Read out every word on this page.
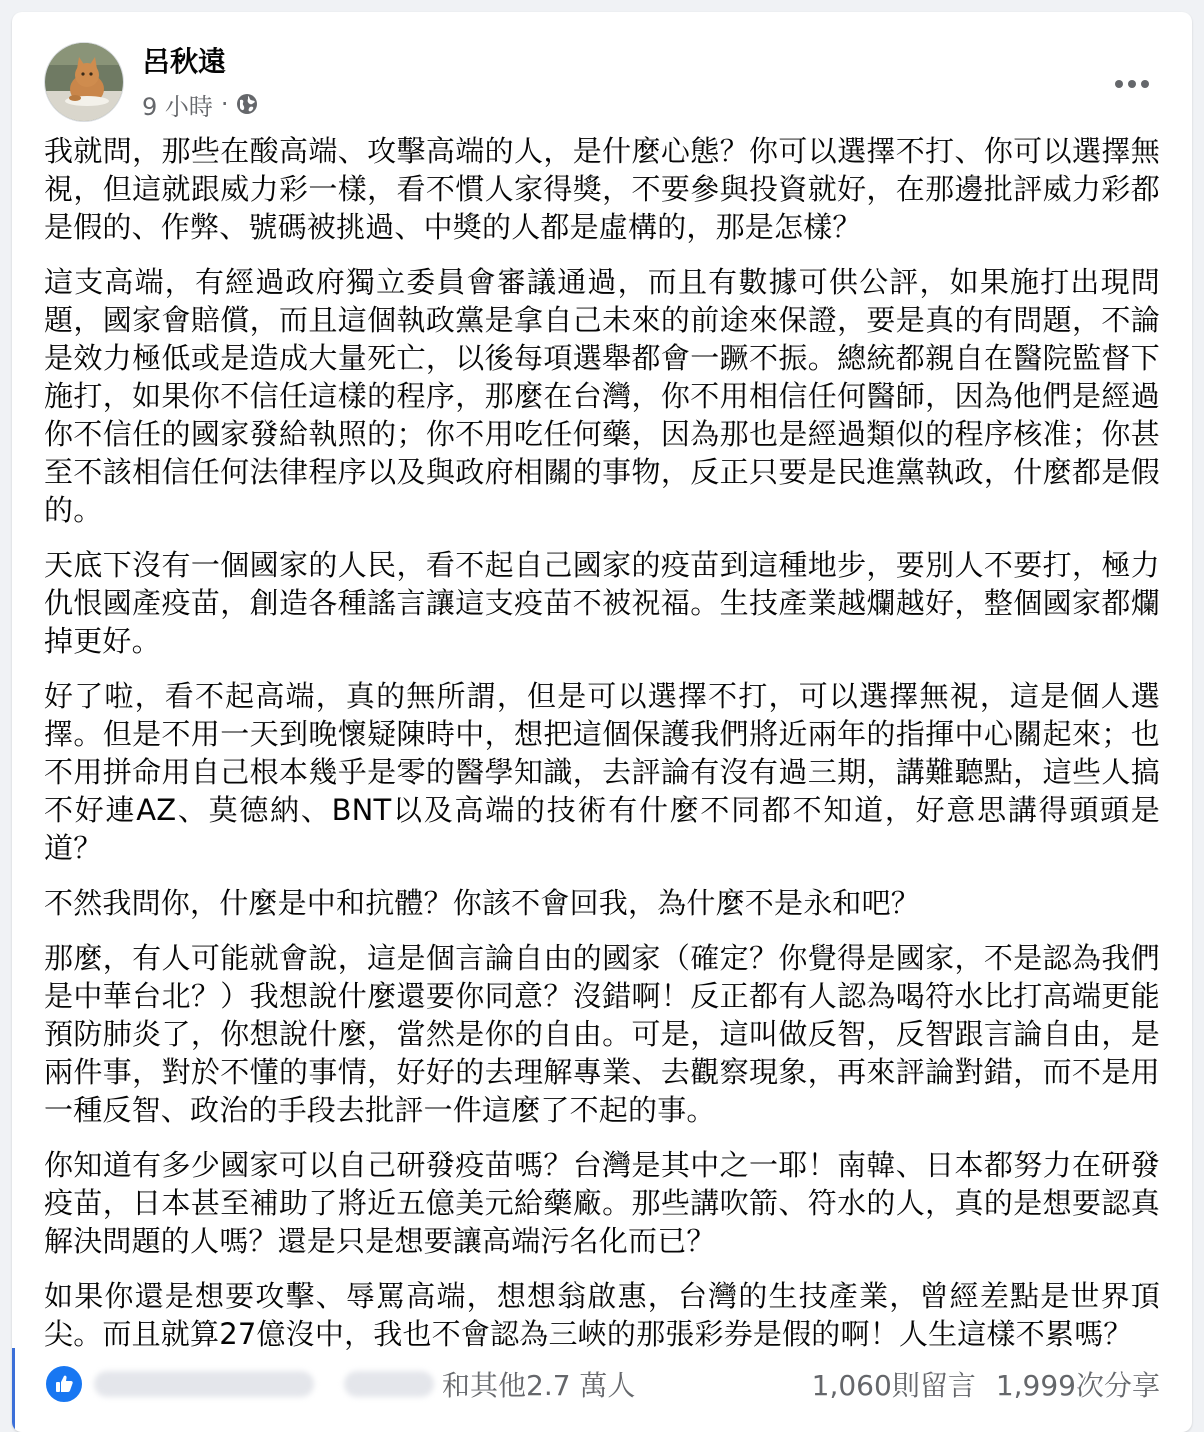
呂秋遠
9 小時 ·

我就問，那些在酸高端、攻擊高端的人，是什麼心態？你可以選擇不打、你可以選擇無視，但這就跟威力彩一樣，看不慣人家得獎，不要參與投資就好，在那邊批評威力彩都是假的、作弊、號碼被挑過、中獎的人都是虛構的，那是怎樣？

這支高端，有經過政府獨立委員會審議通過，而且有數據可供公評，如果施打出現問題，國家會賠償，而且這個執政黨是拿自己未來的前途來保證，要是真的有問題，不論是效力極低或是造成大量死亡，以後每項選舉都會一蹶不振。總統都親自在醫院監督下施打，如果你不信任這樣的程序，那麼在台灣，你不用相信任何醫師，因為他們是經過你不信任的國家發給執照的；你不用吃任何藥，因為那也是經過類似的程序核准；你甚至不該相信任何法律程序以及與政府相關的事物，反正只要是民進黨執政，什麼都是假的。

天底下沒有一個國家的人民，看不起自己國家的疫苗到這種地步，要別人不要打，極力仇恨國產疫苗，創造各種謠言讓這支疫苗不被祝福。生技產業越爛越好，整個國家都爛掉更好。

好了啦，看不起高端，真的無所謂，但是可以選擇不打，可以選擇無視，這是個人選擇。但是不用一天到晚懷疑陳時中，想把這個保護我們將近兩年的指揮中心關起來；也不用拼命用自己根本幾乎是零的醫學知識，去評論有沒有過三期，講難聽點，這些人搞不好連AZ、莫德納、BNT以及高端的技術有什麼不同都不知道，好意思講得頭頭是道？

不然我問你，什麼是中和抗體？你該不會回我，為什麼不是永和吧？

那麼，有人可能就會說，這是個言論自由的國家（確定？你覺得是國家，不是認為我們是中華台北？）我想說什麼還要你同意？沒錯啊！反正都有人認為喝符水比打高端更能預防肺炎了，你想說什麼，當然是你的自由。可是，這叫做反智，反智跟言論自由，是兩件事，對於不懂的事情，好好的去理解專業、去觀察現象，再來評論對錯，而不是用一種反智、政治的手段去批評一件這麼了不起的事。

你知道有多少國家可以自己研發疫苗嗎？台灣是其中之一耶！南韓、日本都努力在研發疫苗，日本甚至補助了將近五億美元給藥廠。那些講吹箭、符水的人，真的是想要認真解決問題的人嗎？還是只是想要讓高端污名化而已？

如果你還是想要攻擊、辱罵高端，想想翁啟惠，台灣的生技產業，曾經差點是世界頂尖。而且就算27億沒中，我也不會認為三峽的那張彩券是假的啊！人生這樣不累嗎？

和其他2.7 萬人	1,060則留言 1,999次分享
